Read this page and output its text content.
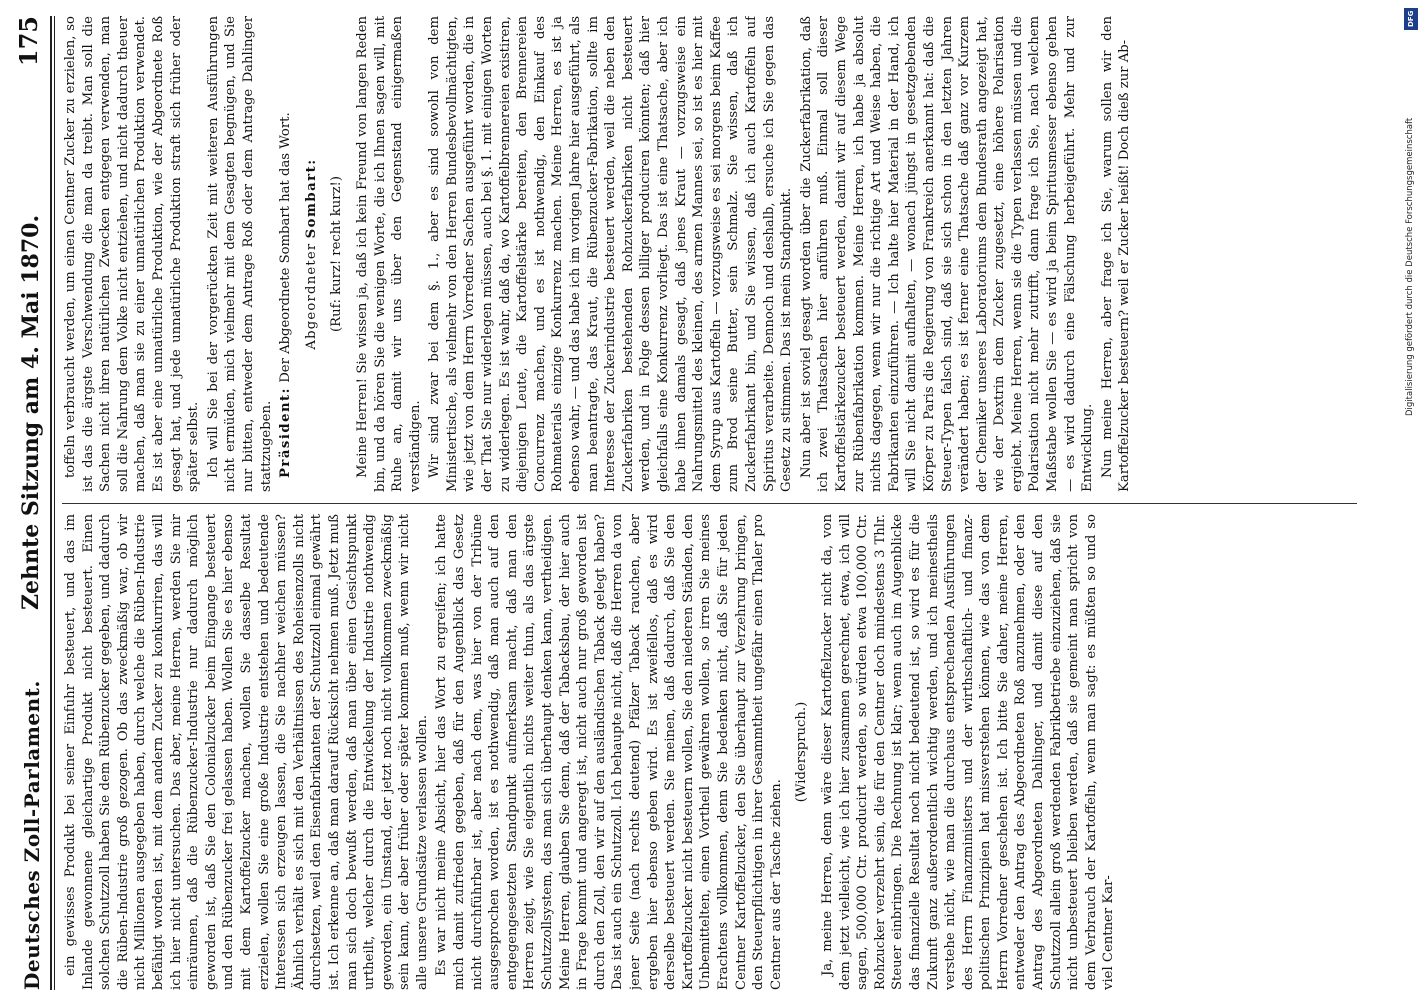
Deutsches Zoll-Parlament.
Zehnte Sitzung am 4. Mai 1870.
175

ein gewisses Produkt bei seiner Einfuhr besteuert, und das im Inlande gewonnene gleichartige Produkt nicht besteuert. Einen solchen Schutzzoll haben Sie dem Rübenzucker gegeben, und dadurch die Rüben-Industrie groß gezogen. Ob das zweckmäßig war, ob wir nicht Millionen ausgegeben haben, durch welche die Rüben-Industrie befähigt worden ist, mit dem andern Zucker zu konkurriren, das will ich hier nicht untersuchen. Das aber, meine Herren, werden Sie mir einräumen, daß die Rübenzucker-Industrie nur dadurch möglich geworden ist, daß Sie den Colonialzucker beim Eingange besteuert und den Rübenzucker frei gelassen haben. Wollen Sie es hier ebenso mit dem Kartoffelzucker machen, wollen Sie dasselbe Resultat erzielen, wollen Sie eine große Industrie entstehen und bedeutende Interessen sich erzeugen lassen, die Sie nachher weichen müssen? Ähnlich verhält es sich mit den Verhältnissen des Roheisenzolls nicht durchsetzen, weil den Eisenfabrikanten der Schutzzoll einmal gewährt ist. Ich erkenne an, daß man darauf Rücksicht nehmen muß. Jetzt muß man sich doch bewußt werden, daß man über einen Gesichtspunkt urtheilt, welcher durch die Entwickelung der Industrie nothwendig geworden, ein Umstand, der jetzt noch nicht vollkommen zweckmäßig sein kann, der aber früher oder später kommen muß, wenn wir nicht alle unsere Grundsätze verlassen wollen. Es war nicht meine Absicht, hier das Wort zu ergreifen; ich hatte mich damit zufrieden gegeben, daß für den Augenblick das Gesetz nicht durchführbar ist, aber nach dem, was hier von der Tribüne ausgesprochen worden, ist es nothwendig, daß man auch auf den entgegengesetzten Standpunkt aufmerksam macht, daß man den Herren zeigt, wie Sie eigentlich nichts weiter thun, als das ärgste Schutzzollsystem, das man sich überhaupt denken kann, vertheidigen. Meine Herren, glauben Sie denn, daß der Tabacksbau, der hier auch in Frage kommt und angeregt ist, nicht auch nur groß geworden ist durch den Zoll, den wir auf den ausländischen Taback gelegt haben? Das ist auch ein Schutzzoll. Ich behaupte nicht, daß die Herren da von jener Seite (nach rechts deutend) Pfälzer Taback rauchen, aber ergeben hier ebenso geben wird. Es ist zweifellos, daß es wird derselbe besteuert werden. Sie meinen, daß dadurch, daß Sie den Kartoffelzucker nicht besteuern wollen, Sie den niederen Ständen, den Unbemittelten, einen Vortheil gewähren wollen, so irren Sie meines Erachtens vollkommen, denn Sie bedenken nicht, daß Sie für jeden Centner Kartoffelzucker, den Sie überhaupt zur Verzehrung bringen, den Steuerpflichtigen in ihrer Gesammtheit ungefähr einen Thaler pro Centner aus der Tasche ziehen.

(Widerspruch.) Ja, meine Herren, denn wäre dieser Kartoffelzucker nicht da, von dem jetzt vielleicht, wie ich hier zusammen gerechnet, etwa, ich will sagen, 500,000 Ctr. producirt werden, so würden etwa 100,000 Ctr. Rohzucker verzehrt sein, die für den Centner doch mindestens 3 Thlr. Steuer einbringen. Die Rechnung ist klar; wenn auch im Augenblicke das finanzielle Resultat noch nicht bedeutend ist, so wird es für die Zukunft ganz außerordentlich wichtig werden, und ich meinestheils verstehe nicht, wie man die durchaus entsprechenden Ausführungen des Herrn Finanzministers und der wirthschaftlich- und finanz-politischen Prinzipien hat missverstehen können, wie das von dem Herrn Vorredner geschehen ist. Ich bitte Sie daher, meine Herren, entweder den Antrag des Abgeordneten Roß anzunehmen, oder den Antrag des Abgeordneten Dahlinger, und damit diese auf den Schutzzoll allein groß werdenden Fabrikbetriebe einzuziehen, daß sie nicht unbesteuert bleiben werden, daß sie gemeint man spricht von dem Verbrauch der Kartoffeln, wenn man sagt: es müßten so und so viel Centner Kar-

toffeln verbraucht werden, um einen Centner Zucker zu erzielen, so ist das die ärgste Verschwendung die man da treibt. Man soll die Sachen nicht ihren natürlichen Zwecken entgegen verwenden, man soll die Nahrung dem Volke nicht entziehen, und nicht dadurch theuer machen, daß man sie zu einer unnatürlichen Produktion verwendet. Es ist aber eine unnatürliche Produktion, wie der Abgeordnete Roß gesagt hat, und jede unnatürliche Produktion straft sich früher oder später selbst. Ich will Sie bei der vorgerückten Zeit mit weiteren Ausführungen nicht ermüden, mich vielmehr mit dem Gesagten begnügen, und Sie nur bitten, entweder dem Antrage Roß oder dem Antrage Dahlinger stattzugeben. Präsident: Der Abgeordnete Sombart hat das Wort. Abgeordneter Sombart: (Ruf: kurz! recht kurz!) Meine Herren! Sie wissen ja, daß ich kein Freund von langen Reden bin, und da hören Sie die wenigen Worte, die ich Ihnen sagen will, mit Ruhe an, damit wir uns über den Gegenstand einigermaßen verständigen. Wir sind zwar bei dem §. 1., aber es sind sowohl von dem Ministertische, als vielmehr von den Herren Bundesbevollmächtigten, wie jetzt von dem Herrn Vorredner Sachen ausgeführt worden, die in der That Sie nur widerlegen müssen, auch bei §. 1. mit einigen Worten zu widerlegen. Es ist wahr, daß da, wo Kartoffelbrennereien existiren, diejenigen Leute, die Kartoffelstärke bereiten, den Brennereien Concurrenz machen, und es ist nothwendig, den Einkauf des Rohmaterials einzige Konkurrenz machen. Meine Herren, es ist ja ebenso wahr, — und das habe ich im vorigen Jahre hier ausgeführt, als man beantragte, das Kraut, die Rübenzucker-Fabrikation, sollte im Interesse der Zuckerindustrie besteuert werden, weil die neben den Zuckerfabriken bestehenden Rohzuckerfabriken nicht besteuert werden, und in Folge dessen billiger produciren könnten; daß hier gleichfalls eine Konkurrenz vorliegt. Das ist eine Thatsache, aber ich habe ihnen damals gesagt, daß jenes Kraut — vorzugsweise ein Nahrungsmittel des kleinen, des armen Mannes sei, so ist es hier mit dem Syrup aus Kartoffeln — vorzugsweise es sei morgens beim Kaffee zum Brod seine Butter, sein Schmalz. Sie wissen, daß ich Zuckerfabrikant bin, und Sie wissen, daß ich auch Kartoffeln auf Spiritus verarbeite. Dennoch und deshalb, ersuche ich Sie gegen das Gesetz zu stimmen. Das ist mein Standpunkt. Nun aber ist soviel gesagt worden über die Zuckerfabrikation, daß ich zwei Thatsachen hier anführen muß. Einmal soll dieser Kartoffelstärkezucker besteuert werden, damit wir auf diesem Wege zur Rübenfabrikation kommen. Meine Herren, ich habe ja absolut nichts dagegen, wenn wir nur die richtige Art und Weise haben, die Fabrikanten einzuführen. — Ich halte hier Material in der Hand, ich will Sie nicht damit aufhalten, — wonach jüngst in gesetzgebenden Körper zu Paris die Regierung von Frankreich anerkannt hat: daß die Steuer-Typen falsch sind, daß sie sich schon in den letzten Jahren verändert haben; es ist ferner eine Thatsache daß ganz vor Kurzem der Chemiker unseres Laboratoriums dem Bundesrath angezeigt hat, wie der Dextrin dem Zucker zugesetzt, eine höhere Polarisation ergiebt. Meine Herren, wenn sie die Typen verlassen müssen und die Polarisation nicht mehr zutrifft, dann frage ich Sie, nach welchem Maßstabe wollen Sie — es wird ja beim Spiritusmesser ebenso gehen — es wird dadurch eine Fälschung herbeigeführt. Mehr und zur Entwicklung. Nun meine Herren, aber frage ich Sie, warum sollen wir den Kartoffelzucker besteuern? weil er Zucker heißt! Doch dieß zur Ab-

DFG
Digitalisierung gefördert durch die Deutsche Forschungsgemeinschaft
